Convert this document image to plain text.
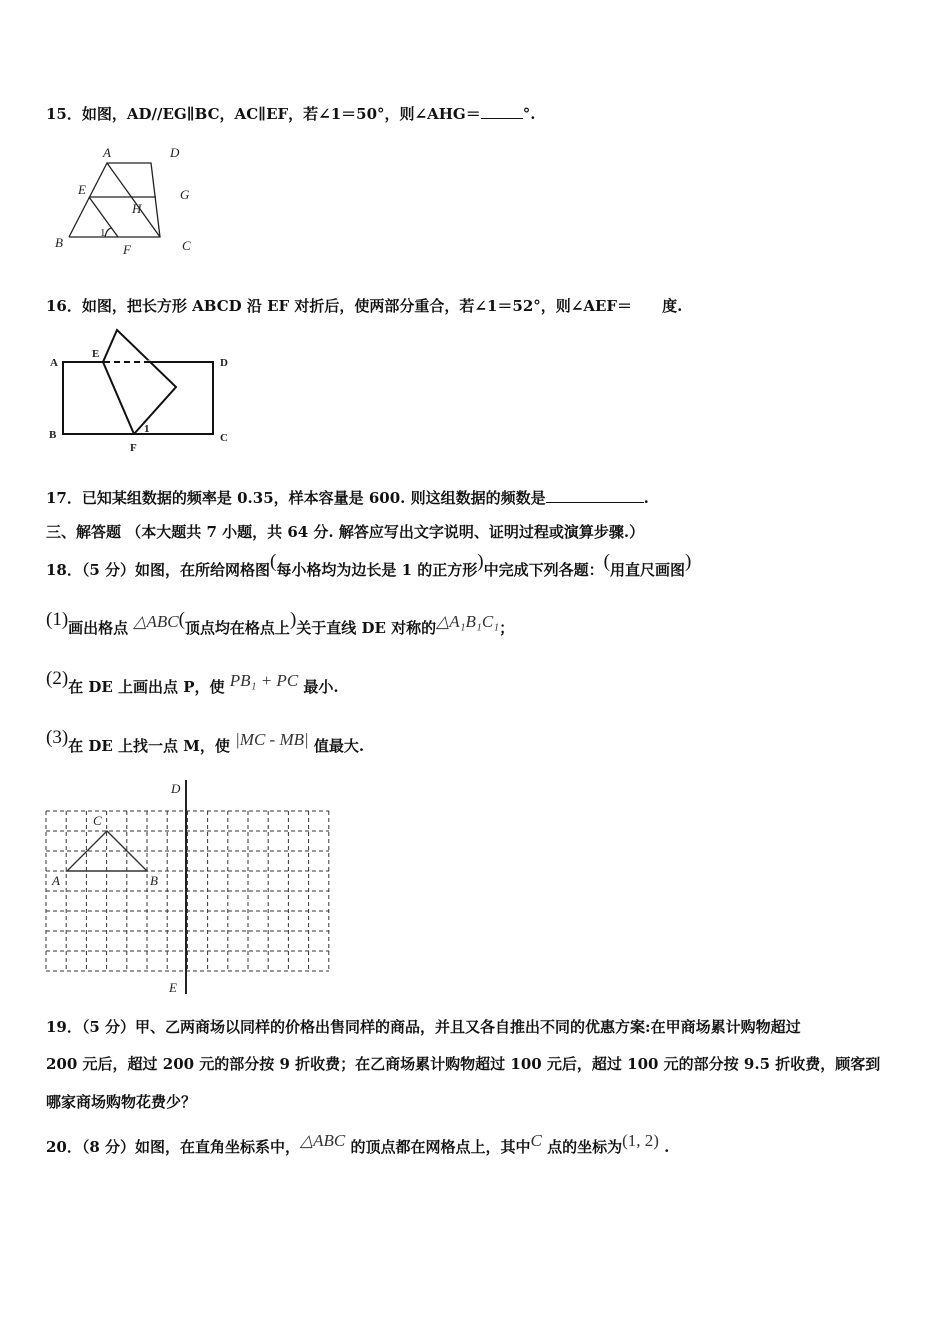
15．如图，AD//EG∥BC，AC∥EF，若∠1＝50°，则∠AHG＝	°.
A	D
E	G
H
B	F	C
1
A
E
D
B
F
C
1
D
E
A	B
C
16．如图，把长方形 ABCD 沿 EF 对折后，使两部分重合，若∠1＝52°，则∠AEF＝ 度.
17．已知某组数据的频率是 0.35，样本容量是 600. 则这组数据的频数是	.
三、解答题 （本大题共 7 小题，共 64 分. 解答应写出文字说明、证明过程或演算步骤.）
18．（5 分）如图，在所给网格图(每小格均为边长是 1 的正方形)中完成下列各题：(用直尺画图)
(1)画出格点 △ABC(顶点均在格点上)关于直线 DE 对称的△A₁B₁C₁；
(2)在 DE 上画出点 P，使 PB₁ + PC 最小.
(3)在 DE 上找一点 M，使 |MC - MB| 值最大.
19．（5 分）甲、乙两商场以同样的价格出售同样的商品，并且又各自推出不同的优惠方案:在甲商场累计购物超过
200 元后，超过 200 元的部分按 9 折收费；在乙商场累计购物超过 100 元后，超过 100 元的部分按 9.5 折收费，顾客到
哪家商场购物花费少？
20．（8 分）如图，在直角坐标系中，△ABC 的顶点都在网格点上，其中C 点的坐标为(1, 2) .
